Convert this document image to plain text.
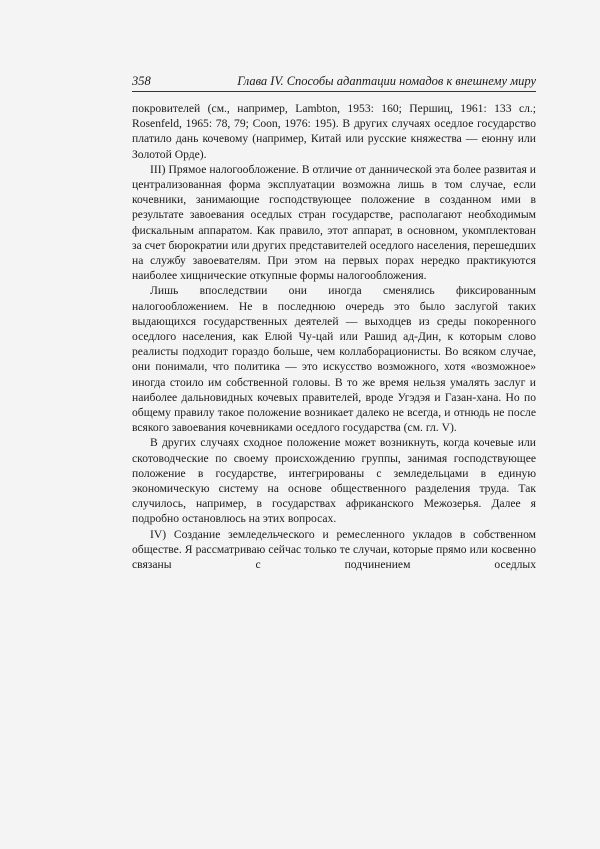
358	Глава IV. Способы адаптации номадов к внешнему миру

покровителей (см., например, Lambton, 1953: 160; Першиц, 1961: 133 сл.; Rosenfeld, 1965: 78, 79; Coon, 1976: 195). В других случаях оседлое государство платило дань кочевому (например, Китай или русские княжества — еюнну или Золотой Орде).

III) Прямое налогообложение. В отличие от даннической эта более развитая и централизованная форма эксплуатации возможна лишь в том случае, если кочевники, занимающие господствующее положение в созданном ими в результате завоевания оседлых стран государстве, располагают необходимым фискальным аппаратом. Как правило, этот аппарат, в основном, укомплектован за счет бюрократии или других представителей оседлого населения, перешедших на службу завоевателям. При этом на первых порах нередко практикуются наиболее хищнические откупные формы налогообложения.

Лишь впоследствии они иногда сменялись фиксированным налогообложением. Не в последнюю очередь это было заслугой таких выдающихся государственных деятелей — выходцев из среды покоренного оседлого населения, как Елюй Чу-цай или Рашид ад-Дин, к которым слово реалисты подходит гораздо больше, чем коллаборационисты. Во всяком случае, они понимали, что политика — это искусство возможного, хотя «возможное» иногда стоило им собственной головы. В то же время нельзя умалять заслуг и наиболее дальновидных кочевых правителей, вроде Угэдэя и Газан-хана. Но по общему правилу такое положение возникает далеко не всегда, и отнюдь не после всякого завоевания кочевниками оседлого государства (см. гл. V).

В других случаях сходное положение может возникнуть, когда кочевые или скотоводческие по своему происхождению группы, занимая господствующее положение в государстве, интегрированы с земледельцами в единую экономическую систему на основе общественного разделения труда. Так случилось, например, в государствах африканского Межозерья. Далее я подробно остановлюсь на этих вопросах.

IV) Создание земледельческого и ремесленного укладов в собственном обществе. Я рассматриваю сейчас только те случаи, которые прямо или косвенно связаны с подчинением оседлых
